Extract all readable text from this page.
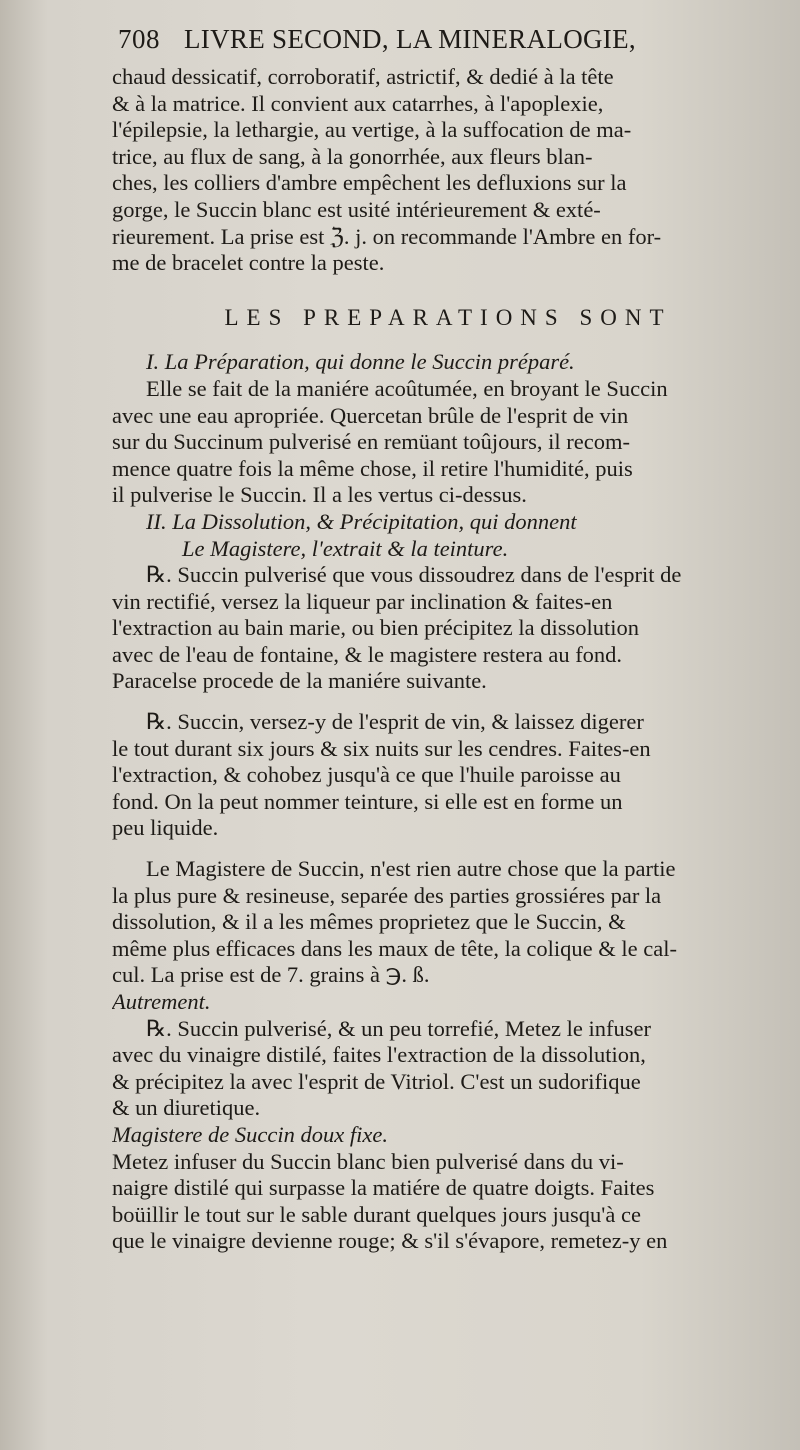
708 LIVRE SECOND, LA MINERALOGIE,
chaud dessicatif, corroboratif, astrictif, & dedié à la tête
& à la matrice. Il convient aux catarrhes, à l'apoplexie,
l'épilepsie, la lethargie, au vertige, à la suffocation de ma-
trice, au flux de sang, à la gonorrhée, aux fleurs blan-
ches, les colliers d'ambre empêchent les defluxions sur la
gorge, le Succin blanc est usité intérieurement & exté-
rieurement. La prise est ℨ. j. on recommande l'Ambre en for-
me de bracelet contre la peste.
LES PREPARATIONS SONT
I. La Préparation, qui donne le Succin préparé.
Elle se fait de la maniére acoûtumée, en broyant le Succin
avec une eau apropriée. Quercetan brûle de l'esprit de vin
sur du Succinum pulverisé en remüant toûjours, il recom-
mence quatre fois la même chose, il retire l'humidité, puis
il pulverise le Succin. Il a les vertus ci-dessus.
II. La Dissolution, & Précipitation, qui donnent
Le Magistere, l'extrait & la teinture.
℞. Succin pulverisé que vous dissoudrez dans de l'esprit de
vin rectifié, versez la liqueur par inclination & faites-en
l'extraction au bain marie, ou bien précipitez la dissolution
avec de l'eau de fontaine, & le magistere restera au fond.
Paracelse procede de la maniére suivante.
℞. Succin, versez-y de l'esprit de vin, & laissez digerer
le tout durant six jours & six nuits sur les cendres. Faites-en
l'extraction, & cohobez jusqu'à ce que l'huile paroisse au
fond. On la peut nommer teinture, si elle est en forme un
peu liquide.
Le Magistere de Succin, n'est rien autre chose que la partie
la plus pure & resineuse, separée des parties grossiéres par la
dissolution, & il a les mêmes proprietez que le Succin, &
même plus efficaces dans les maux de tête, la colique & le cal-
cul. La prise est de 7. grains à ℈. ß.
Autrement.
℞. Succin pulverisé, & un peu torrefié, Metez le infuser
avec du vinaigre distilé, faites l'extraction de la dissolution,
& précipitez la avec l'esprit de Vitriol. C'est un sudorifique
& un diuretique.
Magistere de Succin doux fixe.
Metez infuser du Succin blanc bien pulverisé dans du vi-
naigre distilé qui surpasse la matiére de quatre doigts. Faites
boüillir le tout sur le sable durant quelques jours jusqu'à ce
que le vinaigre devienne rouge; & s'il s'évapore, remetez-y en
